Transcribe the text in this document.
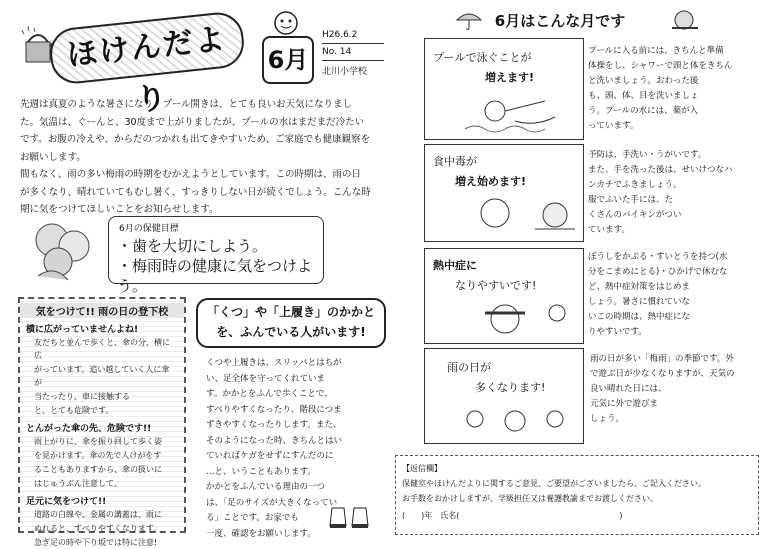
ほけんだより
6月
H26.6.2
No. 14
北川小学校
先週は真夏のような暑さになり、プール開きは、とても良いお天気になりまし
た。気温は、ぐーんと、30度まで上がりましたが、プールの水はまだまだ冷たい
です。お腹の冷えや、からだのつかれも出てきやすいため、ご家庭でも健康観察を
お願いします。
間もなく、雨の多い梅雨の時期をむかえようとしています。この時期は、雨の日
が多くなり、晴れていてもむし暑く、すっきりしない日が続くでしょう。こんな時
期に気をつけてほしいことをお知らせします。
6月の保健目標
・歯を大切にしよう。
・梅雨時の健康に気をつけよう。
気をつけて!! 雨の日の登下校
横に広がっていませんよね!
友だちと並んで歩くと、傘の分、横に広
がっています。追い越していく人に傘が
当たったり、車に接触する
と、とても危険です。
とんがった傘の先、危険です!!
雨上がりに、傘を振り回して歩く姿
を見かけます。傘の先で人けがをす
ることもありますから、傘の扱いに
はじゅうぶん注意して。
足元に気をつけて!!
道路の白線や、金属の溝蓋は、雨に
ぬれると、すべりやすくなります。
急ぎ足の時や下り坂では特に注意!
「くつ」や「上履き」のかかと
を、ふんでいる人がいます!
くつや上履きは、スリッパとはちが
い、足全体を守ってくれていま
す。かかとをふんで歩くことで、
すべりやすくなったり、階段につま
ずきやすくなったりします。また、
そのようになった時、きちんとはい
ていればケガをせずにすんだのに
…と、いうこともあります。
かかとをふんでいる理由の一つ
は、「足のサイズが大きくなってい
る」ことです。お家でも
一度、確認をお願いします。
6月はこんな月です
プールで泳ぐことが
増えます!
プールに入る前には、きちんと準備
体操をし、シャワーで頭と体をきちん
と洗いましょう。おわった後
も、頭、体、目を洗いましょ
う。プールの水には、薬が入
っています。
食中毒が
増え始めます!
予防は、手洗い・うがいです。
また、手を洗った後は、せいけつなハ
ンカチでふきましょう。
服でふいた手には、た
くさんのバイキンがつい
ています。
熱中症に
なりやすいです!
ぼうしをかぶる・すいとうを持つ(水
分をこまめにとる)・ひかげで休むな
ど、熱中症対策をはじめま
しょう。暑さに慣れていな
いこの時期は、熱中症にな
りやすいです。
雨の日が
多くなります!
雨の日が多い「梅雨」の季節です。外
で遊ぶ日が少なくなりますが、天気の
良い晴れた日には、
元気に外で遊びま
しょう。
【返信欄】
保健室やほけんだよりに関するご意見、ご要望がございましたら、ご記入ください。
お手数をおかけしますが、学級担任又は養護教諭までお渡しください。
(　　)年　氏名(　　　　　　　　　　　　　　　　　　　　)
